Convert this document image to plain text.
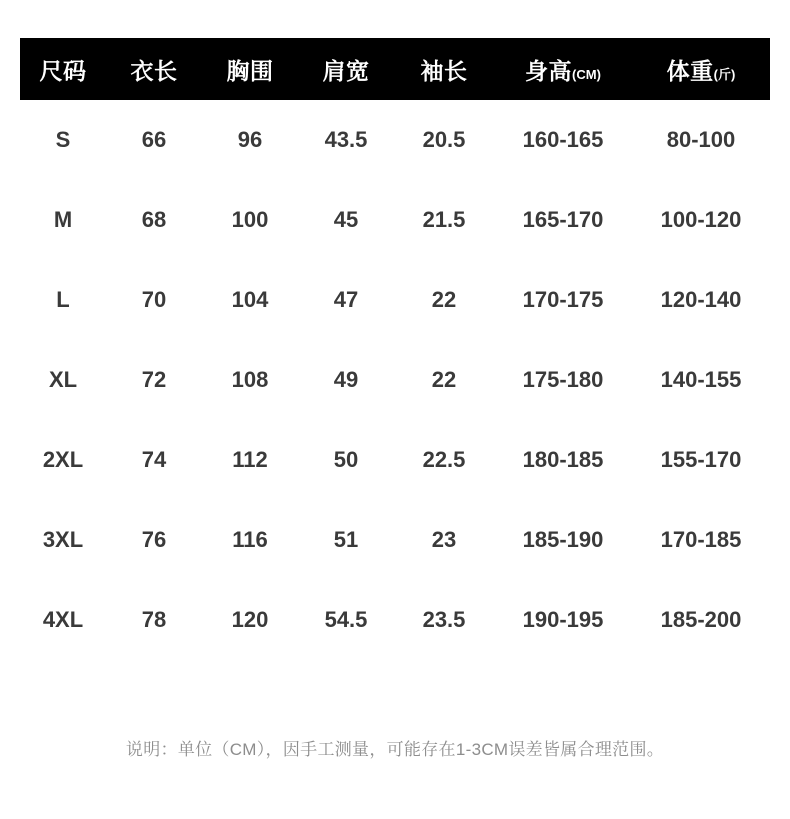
尺码	衣长	胸围	肩宽	袖长	身高(CM)	体重(斤)
S	66	96	43.5	20.5	160-165	80-100
M	68	100	45	21.5	165-170	100-120
L	70	104	47	22	170-175	120-140
XL	72	108	49	22	175-180	140-155
2XL	74	112	50	22.5	180-185	155-170
3XL	76	116	51	23	185-190	170-185
4XL	78	120	54.5	23.5	190-195	185-200
说明：单位（CM），因手工测量，可能存在1-3CM误差皆属合理范围。
